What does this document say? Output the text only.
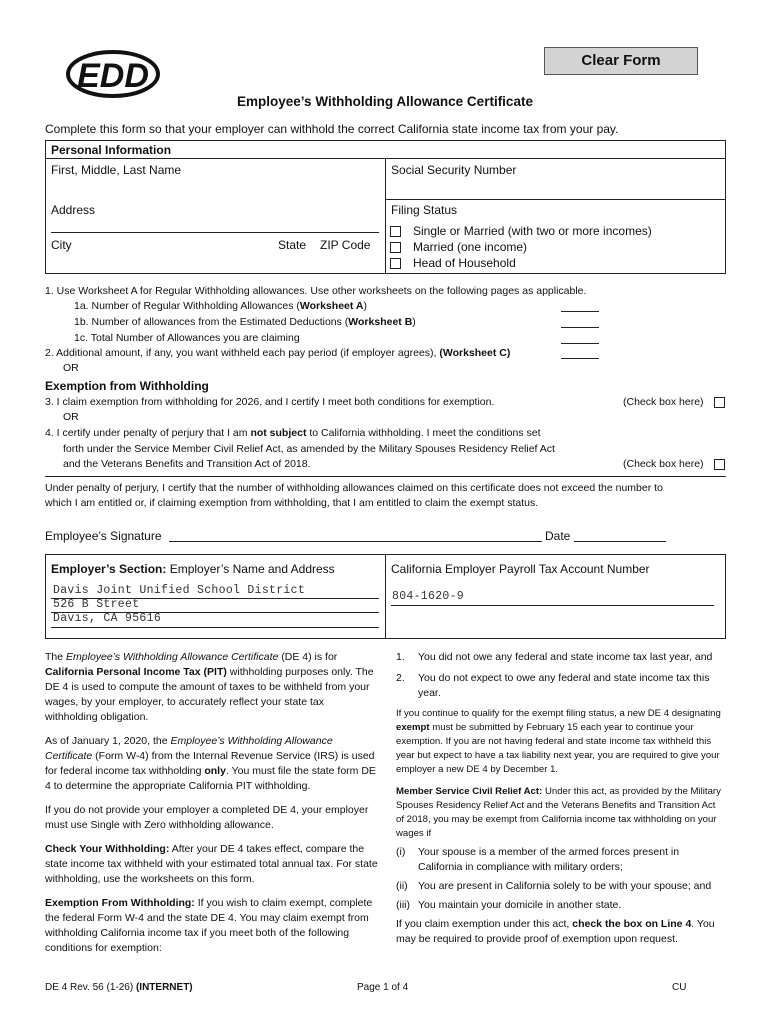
EDD	Clear Form
Employee’s Withholding Allowance Certificate
Complete this form so that your employer can withhold the correct California state income tax from your pay.
Personal Information
First, Middle, Last Name	Social Security Number
Address
City	State ZIP Code
Filing Status
Single or Married (with two or more incomes)
Married (one income)
Head of Household
1. Use Worksheet A for Regular Withholding allowances. Use other worksheets on the following pages as applicable.
1a. Number of Regular Withholding Allowances (Worksheet A)
1b. Number of allowances from the Estimated Deductions (Worksheet B)
1c. Total Number of Allowances you are claiming
2. Additional amount, if any, you want withheld each pay period (if employer agrees), (Worksheet C)
OR
Exemption from Withholding
3. I claim exemption from withholding for 2026, and I certify I meet both conditions for exemption.	(Check box here)
OR
4. I certify under penalty of perjury that I am not subject to California withholding. I meet the conditions set
forth under the Service Member Civil Relief Act, as amended by the Military Spouses Residency Relief Act
and the Veterans Benefits and Transition Act of 2018.	(Check box here)
Under penalty of perjury, I certify that the number of withholding allowances claimed on this certificate does not exceed the number to
which I am entitled or, if claiming exemption from withholding, that I am entitled to claim the exempt status.
Employee’s Signature	Date
Employer’s Section: Employer’s Name and Address
Davis Joint Unified School District
526 B Street
Davis, CA 95616
California Employer Payroll Tax Account Number
804-1620-9

The Employee’s Withholding Allowance Certificate (DE 4) is for California Personal Income Tax (PIT) withholding purposes only. The DE 4 is used to compute the amount of taxes to be withheld from your wages, by your employer, to accurately reflect your state tax withholding obligation.

As of January 1, 2020, the Employee’s Withholding Allowance Certificate (Form W-4) from the Internal Revenue Service (IRS) is used for federal income tax withholding only. You must file the state form DE 4 to determine the appropriate California PIT withholding.

If you do not provide your employer a completed DE 4, your employer must use Single with Zero withholding allowance.

Check Your Withholding: After your DE 4 takes effect, compare the state income tax withheld with your estimated total annual tax. For state withholding, use the worksheets on this form.

Exemption From Withholding: If you wish to claim exempt, complete the federal Form W-4 and the state DE 4. You may claim exempt from withholding California income tax if you meet both of the following conditions for exemption:

1.	You did not owe any federal and state income tax last year, and
2.	You do not expect to owe any federal and state income tax this year.

If you continue to qualify for the exempt filing status, a new DE 4 designating exempt must be submitted by February 15 each year to continue your exemption. If you are not having federal and state income tax withheld this year but expect to have a tax liability next year, you are required to give your employer a new DE 4 by December 1.

Member Service Civil Relief Act: Under this act, as provided by the Military Spouses Residency Relief Act and the Veterans Benefits and Transition Act of 2018, you may be exempt from California income tax withholding on your wages if

(i)	Your spouse is a member of the armed forces present in California in compliance with military orders;
(ii) You are present in California solely to be with your spouse; and
(iii) You maintain your domicile in another state.

If you claim exemption under this act, check the box on Line 4. You may be required to provide proof of exemption upon request.

DE 4 Rev. 56 (1-26) (INTERNET)	Page 1 of 4	CU
